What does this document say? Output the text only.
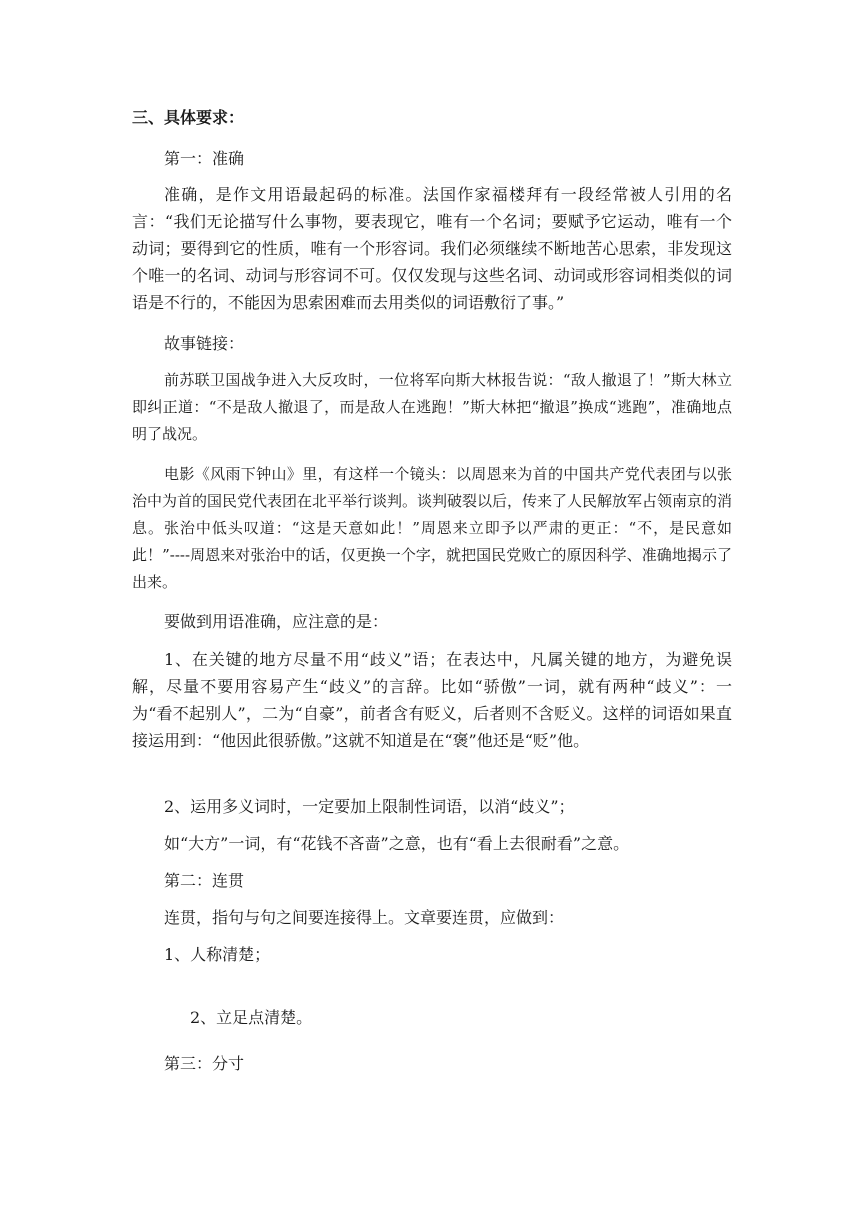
三、具体要求：

第一：准确

准确，是作文用语最起码的标准。法国作家福楼拜有一段经常被人引用的名言：“我们无论描写什么事物，要表现它，唯有一个名词；要赋予它运动，唯有一个动词；要得到它的性质，唯有一个形容词。我们必须继续不断地苦心思索，非发现这个唯一的名词、动词与形容词不可。仅仅发现与这些名词、动词或形容词相类似的词语是不行的，不能因为思索困难而去用类似的词语敷衍了事。”

故事链接：

前苏联卫国战争进入大反攻时，一位将军向斯大林报告说：“敌人撤退了！”斯大林立即纠正道：“不是敌人撤退了，而是敌人在逃跑！”斯大林把“撤退”换成“逃跑”，准确地点明了战况。

电影《风雨下钟山》里，有这样一个镜头：以周恩来为首的中国共产党代表团与以张治中为首的国民党代表团在北平举行谈判。谈判破裂以后，传来了人民解放军占领南京的消息。张治中低头叹道：“这是天意如此！”周恩来立即予以严肃的更正：“不，是民意如此！”----周恩来对张治中的话，仅更换一个字，就把国民党败亡的原因科学、准确地揭示了出来。

要做到用语准确，应注意的是：

1、在关键的地方尽量不用“歧义”语；在表达中，凡属关键的地方，为避免误解，尽量不要用容易产生“歧义”的言辞。比如“骄傲”一词，就有两种“歧义”：一为“看不起别人”，二为“自豪”，前者含有贬义，后者则不含贬义。这样的词语如果直接运用到：“他因此很骄傲。”这就不知道是在“褒”他还是“贬”他。

2、运用多义词时，一定要加上限制性词语，以消“歧义”；

如“大方”一词，有“花钱不吝啬”之意，也有“看上去很耐看”之意。

第二：连贯

连贯，指句与句之间要连接得上。文章要连贯，应做到：

1、人称清楚；

2、立足点清楚。

第三：分寸
